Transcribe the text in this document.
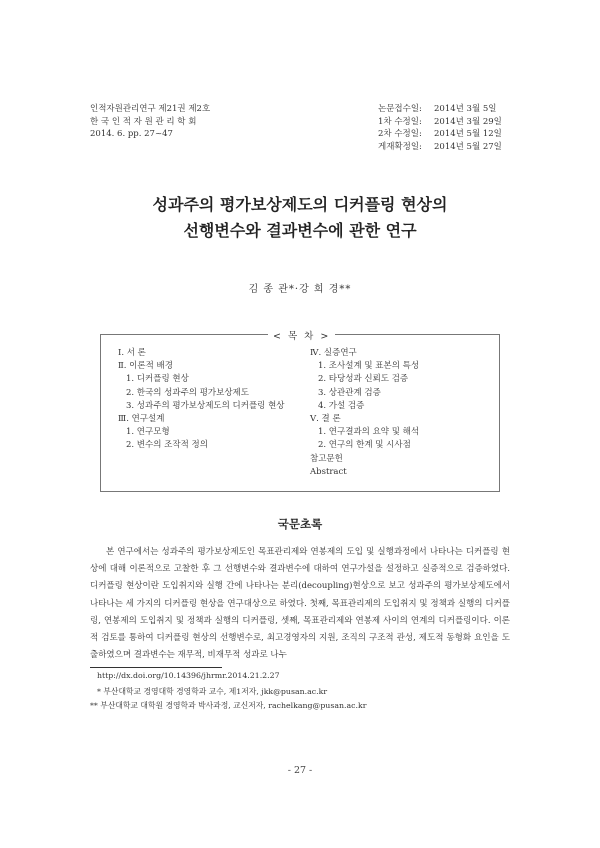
인적자원관리연구 제21권 제2호
한 국 인 적 자 원 관 리 학 회
2014. 6. pp. 27~47
논문접수일:	2014년 3월 5일
1차 수정일:	2014년 3월 29일
2차 수정일:	2014년 5월 12일
게재확정일:	2014년 5월 27일
성과주의 평가보상제도의 디커플링 현상의
선행변수와 결과변수에 관한 연구
김 종 관*·강 희 경**
< 목 차 >
Ⅰ. 서 론
Ⅱ. 이론적 배경
1. 디커플링 현상
2. 한국의 성과주의 평가보상제도
3. 성과주의 평가보상제도의 디커플링 현상
Ⅲ. 연구설계
1. 연구모형
2. 변수의 조작적 정의
Ⅳ. 실증연구
1. 조사설계 및 표본의 특성
2. 타당성과 신뢰도 검증
3. 상관관계 검증
4. 가설 검증
Ⅴ. 결 론
1. 연구결과의 요약 및 해석
2. 연구의 한계 및 시사점
참고문헌
Abstract
국문초록

본 연구에서는 성과주의 평가보상제도인 목표관리제와 연봉제의 도입 및 실행과정에서 나타나는 디커플링 현상에 대해 이론적으로 고찰한 후 그 선행변수와 결과변수에 대하여 연구가설을 설정하고 실증적으로 검증하였다. 디커플링 현상이란 도입취지와 실행 간에 나타나는 분리(decoupling)현상으로 보고 성과주의 평가보상제도에서 나타나는 세 가지의 디커플링 현상을 연구대상으로 하였다. 첫째, 목표관리제의 도입취지 및 정책과 실행의 디커플링, 연봉제의 도입취지 및 정책과 실행의 디커플링, 셋째, 목표관리제와 연봉제 사이의 연계의 디커플링이다. 이론적 검토를 통하여 디커플링 현상의 선행변수로, 최고경영자의 지원, 조직의 구조적 관성, 제도적 동형화 요인을 도출하였으며 결과변수는 재무적, 비재무적 성과로 나누

http://dx.doi.org/10.14396/jhrmr.2014.21.2.27
* 부산대학교 경영대학 경영학과 교수, 제1저자, jkk@pusan.ac.kr
** 부산대학교 대학원 경영학과 박사과정, 교신저자, rachelkang@pusan.ac.kr
- 27 -
